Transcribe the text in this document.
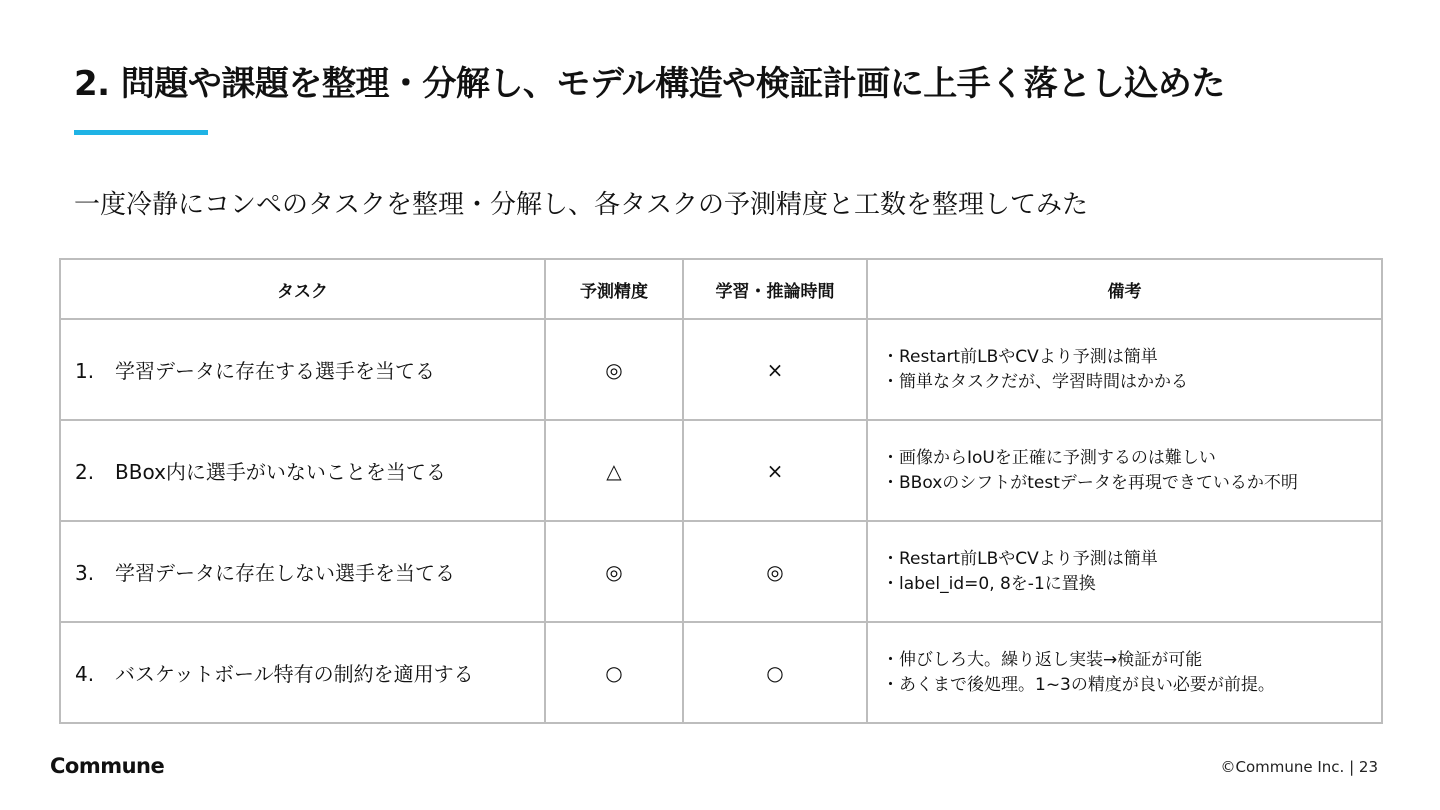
2. 問題や課題を整理・分解し、モデル構造や検証計画に上手く落とし込めた
一度冷静にコンペのタスクを整理・分解し、各タスクの予測精度と工数を整理してみた
タスク	予測精度	学習・推論時間	備考
1. 学習データに存在する選手を当てる	◎	×	・Restart前LBやCVより予測は簡単
・簡単なタスクだが、学習時間はかかる

2. BBox内に選手がいないことを当てる	△	×	・画像からIoUを正確に予測するのは難しい
・BBoxのシフトがtestデータを再現できているか不明

3. 学習データに存在しない選手を当てる	◎	◎	・Restart前LBやCVより予測は簡単
・label_id=0, 8を-1に置換

4. バスケットボール特有の制約を適用する	○	○	・伸びしろ大。繰り返し実装→検証が可能
・あくまで後処理。1~3の精度が良い必要が前提。
Commune	©Commune Inc. | 23
